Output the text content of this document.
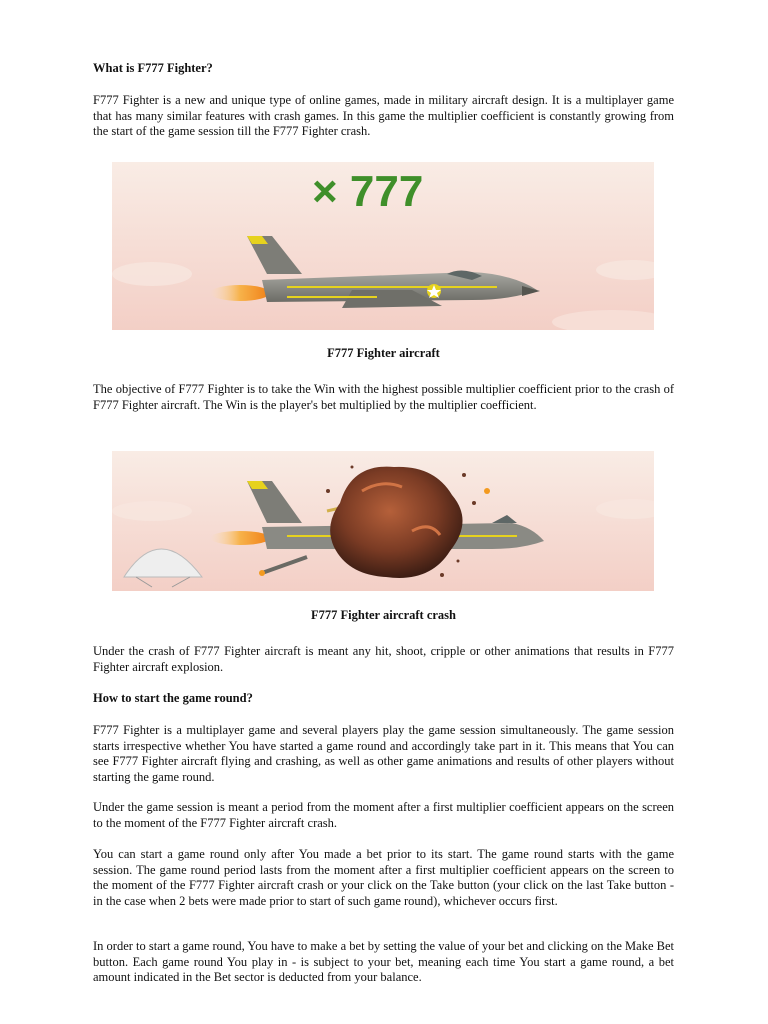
What is F777 Fighter?

F777 Fighter is a new and unique type of online games, made in military aircraft design. It is a multiplayer game that has many similar features with crash games. In this game the multiplier coefficient is constantly growing from the start of the game session till the F777 Fighter crash.

× 777
F777 Fighter aircraft

The objective of F777 Fighter is to take the Win with the highest possible multiplier coefficient prior to the crash of F777 Fighter aircraft. The Win is the player's bet multiplied by the multiplier coefficient.

F777 Fighter aircraft crash

Under the crash of F777 Fighter aircraft is meant any hit, shoot, cripple or other animations that results in F777 Fighter aircraft explosion.

How to start the game round?

F777 Fighter is a multiplayer game and several players play the game session simultaneously. The game session starts irrespective whether You have started a game round and accordingly take part in it. This means that You can see F777 Fighter aircraft flying and crashing, as well as other game animations and results of other players without starting the game round.

Under the game session is meant a period from the moment after a first multiplier coefficient appears on the screen to the moment of the F777 Fighter aircraft crash.

You can start a game round only after You made a bet prior to its start. The game round starts with the game session. The game round period lasts from the moment after a first multiplier coefficient appears on the screen to the moment of the F777 Fighter aircraft crash or your click on the Take button (your click on the last Take button - in the case when 2 bets were made prior to start of such game round), whichever occurs first.

In order to start a game round, You have to make a bet by setting the value of your bet and clicking on the Make Bet button. Each game round You play in - is subject to your bet, meaning each time You start a game round, a bet amount indicated in the Bet sector is deducted from your balance.
